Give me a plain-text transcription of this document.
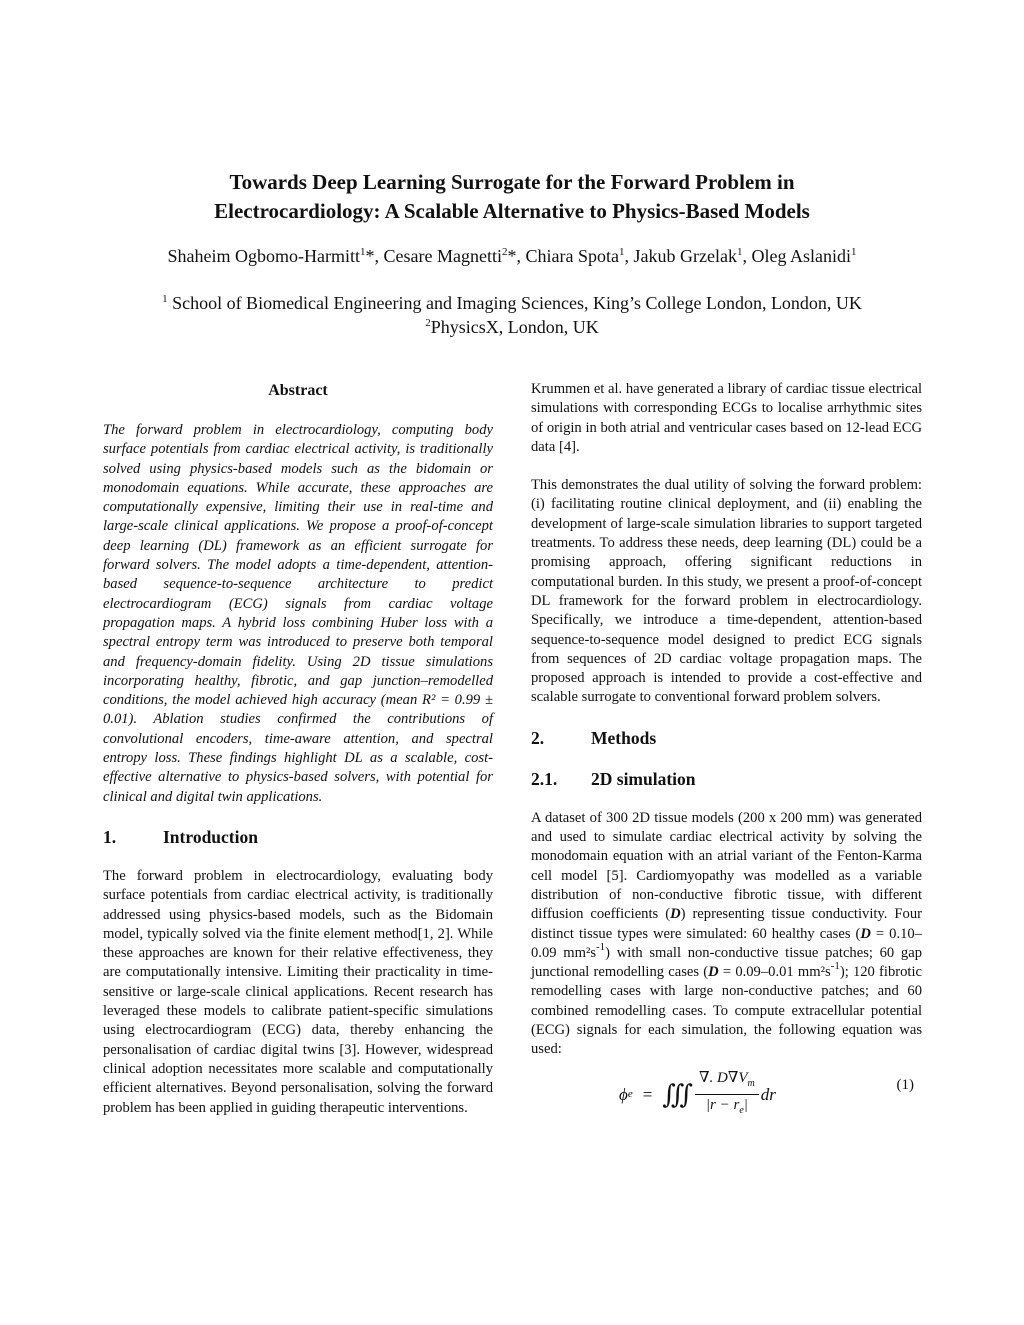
Towards Deep Learning Surrogate for the Forward Problem in
Electrocardiology: A Scalable Alternative to Physics-Based Models
Shaheim Ogbomo-Harmitt$^1$*, Cesare Magnetti$^2$*, Chiara Spota$^1$, Jakub Grzelak$^1$, Oleg Aslanidi$^1$
$^1$ School of Biomedical Engineering and Imaging Sciences, King’s College London, London, UK
$^2$PhysicsX, London, UK
Abstract

The forward problem in electrocardiology, computing body surface potentials from cardiac electrical activity, is traditionally solved using physics-based models such as the bidomain or monodomain equations. While accurate, these approaches are computationally expensive, limiting their use in real-time and large-scale clinical applications. We propose a proof-of-concept deep learning (DL) framework as an efficient surrogate for forward solvers. The model adopts a time-dependent, attention-based sequence-to-sequence architecture to predict electrocardiogram (ECG) signals from cardiac voltage propagation maps. A hybrid loss combining Huber loss with a spectral entropy term was introduced to preserve both temporal and frequency-domain fidelity. Using 2D tissue simulations incorporating healthy, fibrotic, and gap junction–remodelled conditions, the model achieved high accuracy (mean R² = 0.99 ± 0.01). Ablation studies confirmed the contributions of convolutional encoders, time-aware attention, and spectral entropy loss. These findings highlight DL as a scalable, cost-effective alternative to physics-based solvers, with potential for clinical and digital twin applications.

1.	Introduction

The forward problem in electrocardiology, evaluating body surface potentials from cardiac electrical activity, is traditionally addressed using physics-based models, such as the Bidomain model, typically solved via the finite element method[1, 2]. While these approaches are known for their relative effectiveness, they are computationally intensive. Limiting their practicality in time-sensitive or large-scale clinical applications. Recent research has leveraged these models to calibrate patient-specific simulations using electrocardiogram (ECG) data, thereby enhancing the personalisation of cardiac digital twins [3]. However, widespread clinical adoption necessitates more scalable and computationally efficient alternatives. Beyond personalisation, solving the forward problem has been applied in guiding therapeutic interventions.

Krummen et al. have generated a library of cardiac tissue electrical simulations with corresponding ECGs to localise arrhythmic sites of origin in both atrial and ventricular cases based on 12-lead ECG data [4].

This demonstrates the dual utility of solving the forward problem: (i) facilitating routine clinical deployment, and (ii) enabling the development of large-scale simulation libraries to support targeted treatments. To address these needs, deep learning (DL) could be a promising approach, offering significant reductions in computational burden. In this study, we present a proof-of-concept DL framework for the forward problem in electrocardiology. Specifically, we introduce a time-dependent, attention-based sequence-to-sequence model designed to predict ECG signals from sequences of 2D cardiac voltage propagation maps. The proposed approach is intended to provide a cost-effective and scalable surrogate to conventional forward problem solvers.

2.	Methods
2.1.	2D simulation

A dataset of 300 2D tissue models (200 x 200 mm) was generated and used to simulate cardiac electrical activity by solving the monodomain equation with an atrial variant of the Fenton-Karma cell model [5]. Cardiomyopathy was modelled as a variable distribution of non-conductive fibrotic tissue, with different diffusion coefficients (D) representing tissue conductivity. Four distinct tissue types were simulated: 60 healthy cases (D = 0.10–0.09 $mm^2s^{-1}$) with small non-conductive tissue patches; 60 gap junctional remodelling cases (D = 0.09–0.01 $mm^2s^{-1}$); 120 fibrotic remodelling cases with large non-conductive patches; and 60 combined remodelling cases. To compute extracellular potential (ECG) signals for each simulation, the following equation was used:

ϕ e = ∭ $\frac{\nabla. D\nabla V_m}{|r - r_e|}$ dr
(1)
